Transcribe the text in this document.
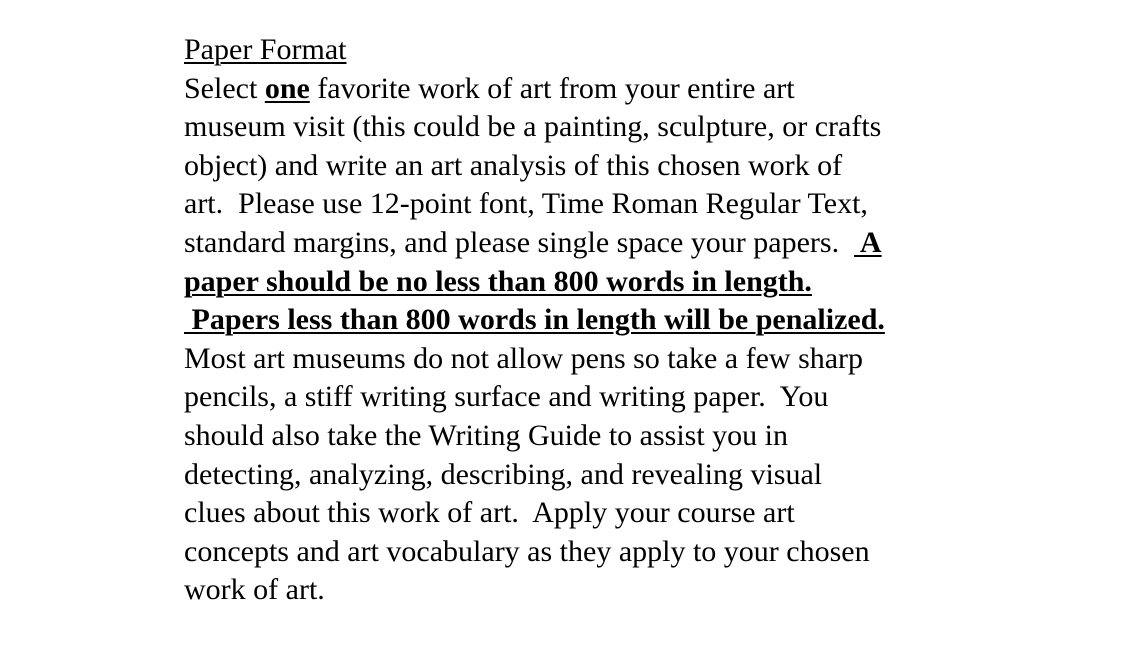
Paper Format
Select one favorite work of art from your entire art
museum visit (this could be a painting, sculpture, or crafts
object) and write an art analysis of this chosen work of
art.  Please use 12-point font, Time Roman Regular Text,
standard margins, and please single space your papers.   A
paper should be no less than 800 words in length.
Papers less than 800 words in length will be penalized.
Most art museums do not allow pens so take a few sharp
pencils, a stiff writing surface and writing paper.  You
should also take the Writing Guide to assist you in
detecting, analyzing, describing, and revealing visual
clues about this work of art.  Apply your course art
concepts and art vocabulary as they apply to your chosen
work of art.
